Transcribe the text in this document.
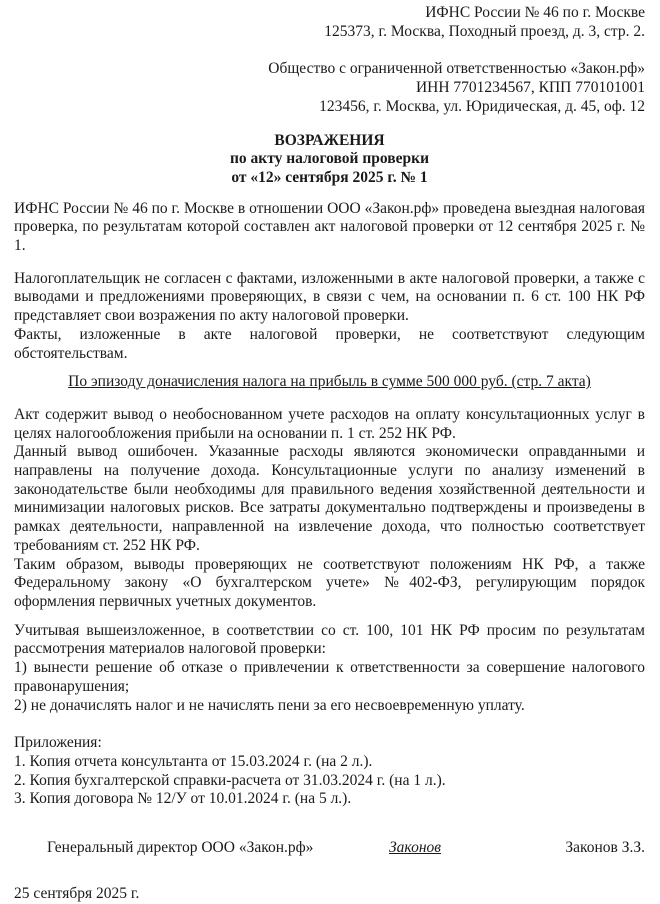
ИФНС России № 46 по г. Москве
125373, г. Москва, Походный проезд, д. 3, стр. 2.
Общество с ограниченной ответственностью «Закон.рф»
ИНН 7701234567, КПП 770101001
123456, г. Москва, ул. Юридическая, д. 45, оф. 12
ВОЗРАЖЕНИЯ
по акту налоговой проверки
от «12» сентября 2025 г. № 1

ИФНС России № 46 по г. Москве в отношении ООО «Закон.рф» проведена выездная налоговая проверка, по результатам которой составлен акт налоговой проверки от 12 сентября 2025 г. № 1.

Налогоплательщик не согласен с фактами, изложенными в акте налоговой проверки, а также с выводами и предложениями проверяющих, в связи с чем, на основании п. 6 ст. 100 НК РФ представляет свои возражения по акту налоговой проверки.

Факты, изложенные в акте налоговой проверки, не соответствуют следующим обстоятельствам.

По эпизоду доначисления налога на прибыль в сумме 500 000 руб. (стр. 7 акта)

Акт содержит вывод о необоснованном учете расходов на оплату консультационных услуг в целях налогообложения прибыли на основании п. 1 ст. 252 НК РФ.

Данный вывод ошибочен. Указанные расходы являются экономически оправданными и направлены на получение дохода. Консультационные услуги по анализу изменений в законодательстве были необходимы для правильного ведения хозяйственной деятельности и минимизации налоговых рисков. Все затраты документально подтверждены и произведены в рамках деятельности, направленной на извлечение дохода, что полностью соответствует требованиям ст. 252 НК РФ.

Таким образом, выводы проверяющих не соответствуют положениям НК РФ, а также Федеральному закону «О бухгалтерском учете» №402-ФЗ, регулирующим порядок оформления первичных учетных документов.

Учитывая вышеизложенное, в соответствии со ст. 100, 101 НК РФ просим по результатам рассмотрения материалов налоговой проверки:

1) вынести решение об отказе о привлечении к ответственности за совершение налогового правонарушения;

2) не доначислять налог и не начислять пени за его несвоевременную уплату.

Приложения:
1. Копия отчета консультанта от 15.03.2024 г. (на 2 л.).
2. Копия бухгалтерской справки-расчета от 31.03.2024 г. (на 1 л.).
3. Копия договора № 12/У от 10.01.2024 г. (на 5 л.).
Генеральный директор ООО «Закон.рф»	Законов	Законов З.З.
25 сентября 2025 г.
